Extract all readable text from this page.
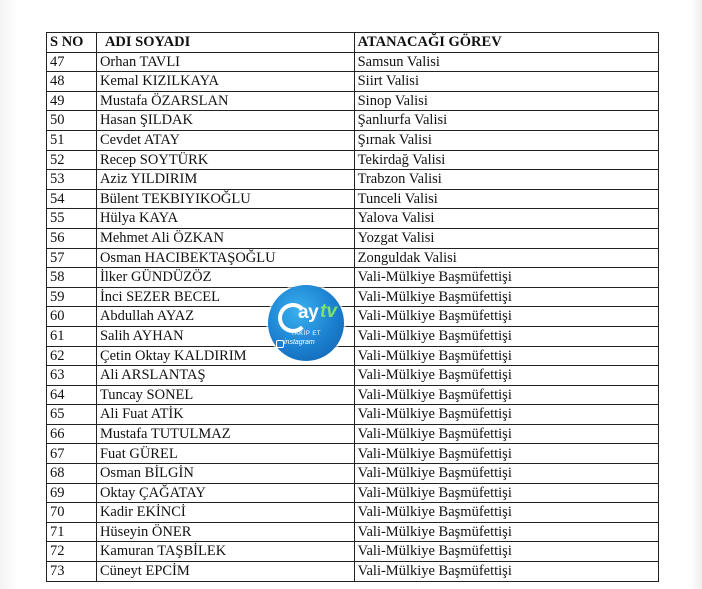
S NO	ADI SOYADI	ATANACAĞI GÖREV
47	Orhan TAVLI	Samsun Valisi
48	Kemal KIZILKAYA	Siirt Valisi
49	Mustafa ÖZARSLAN	Sinop Valisi
50	Hasan ŞILDAK	Şanlıurfa Valisi
51	Cevdet ATAY	Şırnak Valisi
52	Recep SOYTÜRK	Tekirdağ Valisi
53	Aziz YILDIRIM	Trabzon Valisi
54	Bülent TEKBIYIKOĞLU	Tunceli Valisi
55	Hülya KAYA	Yalova Valisi
56	Mehmet Ali ÖZKAN	Yozgat Valisi
57	Osman HACIBEKTAŞOĞLU	Zonguldak Valisi
58	İlker GÜNDÜZÖZ	Vali-Mülkiye Başmüfettişi
59	İnci SEZER BECEL	Vali-Mülkiye Başmüfettişi
60	Abdullah AYAZ	Vali-Mülkiye Başmüfettişi
61	Salih AYHAN	Vali-Mülkiye Başmüfettişi
62	Çetin Oktay KALDIRIM	Vali-Mülkiye Başmüfettişi
63	Ali ARSLANTAŞ	Vali-Mülkiye Başmüfettişi
64	Tuncay SONEL	Vali-Mülkiye Başmüfettişi
65	Ali Fuat ATİK	Vali-Mülkiye Başmüfettişi
66	Mustafa TUTULMAZ	Vali-Mülkiye Başmüfettişi
67	Fuat GÜREL	Vali-Mülkiye Başmüfettişi
68	Osman BİLGİN	Vali-Mülkiye Başmüfettişi
69	Oktay ÇAĞATAY	Vali-Mülkiye Başmüfettişi
70	Kadir EKİNCİ	Vali-Mülkiye Başmüfettişi
71	Hüseyin ÖNER	Vali-Mülkiye Başmüfettişi
72	Kamuran TAŞBİLEK	Vali-Mülkiye Başmüfettişi
73	Cüneyt EPCİM	Vali-Mülkiye Başmüfettişi
ay tv
TAKİP ET
instagram
